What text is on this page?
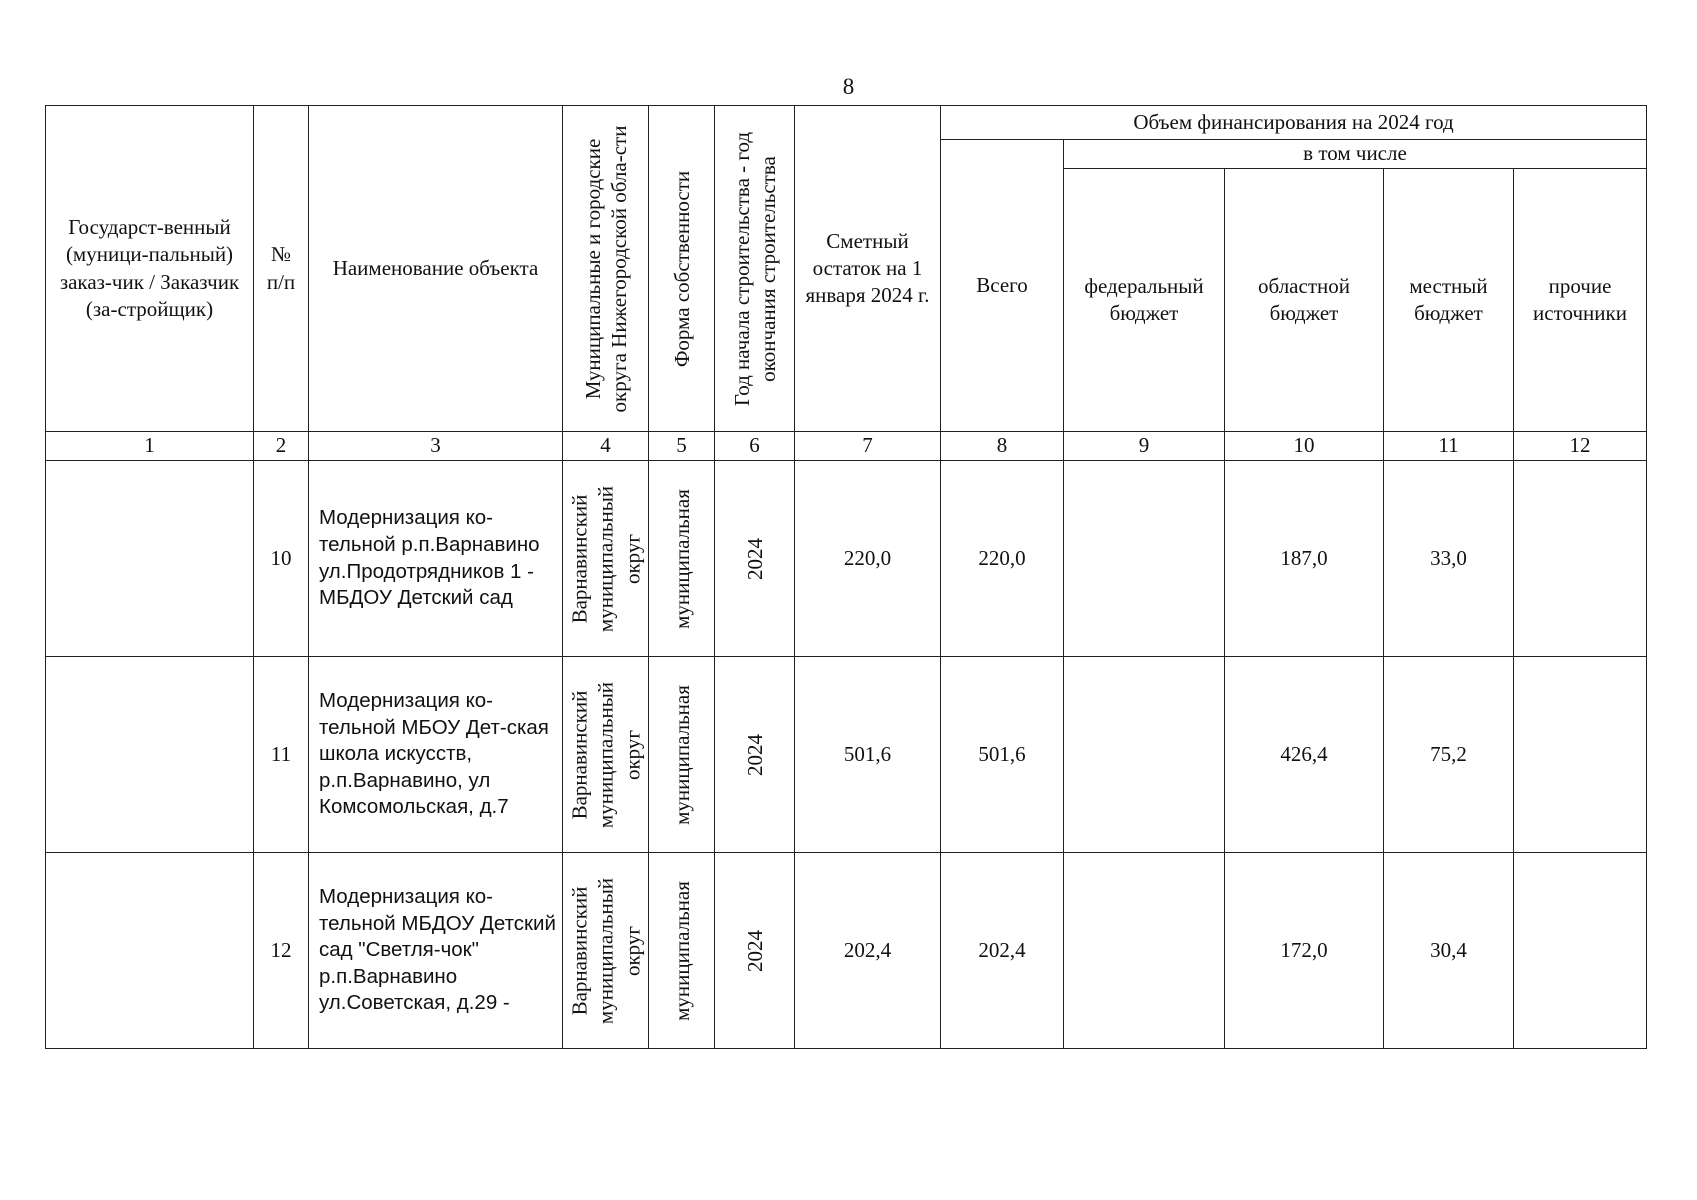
8
Государст-венный (муници-пальный) заказ-чик / Заказчик (за-стройщик)	№ п/п	Наименование объекта	Муниципальные и городские округа Нижегородской обла-сти	Форма собственности	Год начала строительства - год окончания строительства	Сметный остаток на 1 января 2024 г.	Объем финансирования на 2024 год				
							Всего	в том числе			
								федеральный бюджет	областной бюджет	местный бюджет	прочие источники
1	2	3	4	5	6	7	8	9	10	11	12
	10	Модернизация ко-тельной р.п.Варнавино ул.Продотрядников 1 - МБДОУ Детский сад	Варнавинский муниципальный округ	муниципальная	2024	220,0	220,0		187,0	33,0	
	11	Модернизация ко-тельной МБОУ Дет-ская школа искусств, р.п.Варнавино, ул Комсомольская, д.7	Варнавинский муниципальный округ	муниципальная	2024	501,6	501,6		426,4	75,2	
	12	Модернизация ко-тельной МБДОУ Детский сад "Светля-чок" р.п.Варнавино ул.Советская, д.29 -	Варнавинский муниципальный округ	муниципальная	2024	202,4	202,4		172,0	30,4	
